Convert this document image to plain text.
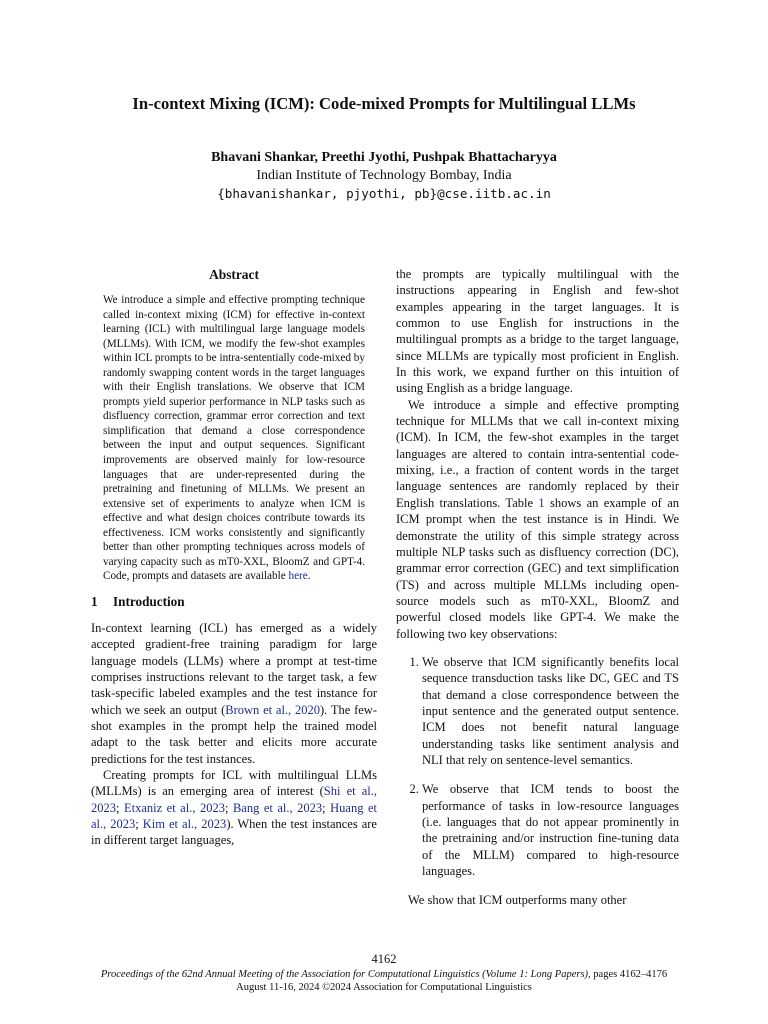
In-context Mixing (ICM): Code-mixed Prompts for Multilingual LLMs
Bhavani Shankar, Preethi Jyothi, Pushpak Bhattacharyya
Indian Institute of Technology Bombay, India
{bhavanishankar, pjyothi, pb}@cse.iitb.ac.in
Abstract
We introduce a simple and effective prompting technique called in-context mixing (ICM) for effective in-context learning (ICL) with multilingual large language models (MLLMs). With ICM, we modify the few-shot examples within ICL prompts to be intra-sententially code-mixed by randomly swapping content words in the target languages with their English translations. We observe that ICM prompts yield superior performance in NLP tasks such as disfluency correction, grammar error correction and text simplification that demand a close correspondence between the input and output sequences. Significant improvements are observed mainly for low-resource languages that are under-represented during the pretraining and finetuning of MLLMs. We present an extensive set of experiments to analyze when ICM is effective and what design choices contribute towards its effectiveness. ICM works consistently and significantly better than other prompting techniques across models of varying capacity such as mT0-XXL, BloomZ and GPT-4. Code, prompts and datasets are available here.
1 Introduction

In-context learning (ICL) has emerged as a widely accepted gradient-free training paradigm for large language models (LLMs) where a prompt at test-time comprises instructions relevant to the target task, a few task-specific labeled examples and the test instance for which we seek an output (Brown et al., 2020). The few-shot examples in the prompt help the trained model adapt to the task better and elicits more accurate predictions for the test instances.

Creating prompts for ICL with multilingual LLMs (MLLMs) is an emerging area of interest (Shi et al., 2023; Etxaniz et al., 2023; Bang et al., 2023; Huang et al., 2023; Kim et al., 2023). When the test instances are in different target languages,

the prompts are typically multilingual with the instructions appearing in English and few-shot examples appearing in the target languages. It is common to use English for instructions in the multilingual prompts as a bridge to the target language, since MLLMs are typically most proficient in English. In this work, we expand further on this intuition of using English as a bridge language.

We introduce a simple and effective prompting technique for MLLMs that we call in-context mixing (ICM). In ICM, the few-shot examples in the target languages are altered to contain intra-sentential code-mixing, i.e., a fraction of content words in the target language sentences are randomly replaced by their English translations. Table 1 shows an example of an ICM prompt when the test instance is in Hindi. We demonstrate the utility of this simple strategy across multiple NLP tasks such as disfluency correction (DC), grammar error correction (GEC) and text simplification (TS) and across multiple MLLMs including open-source models such as mT0-XXL, BloomZ and powerful closed models like GPT-4. We make the following two key observations:

1. We observe that ICM significantly benefits local sequence transduction tasks like DC, GEC and TS that demand a close correspondence between the input sentence and the generated output sentence. ICM does not benefit natural language understanding tasks like sentiment analysis and NLI that rely on sentence-level semantics.
2. We observe that ICM tends to boost the performance of tasks in low-resource languages (i.e. languages that do not appear prominently in the pretraining and/or instruction fine-tuning data of the MLLM) compared to high-resource languages.

We show that ICM outperforms many other

4162
Proceedings of the 62nd Annual Meeting of the Association for Computational Linguistics (Volume 1: Long Papers), pages 4162–4176
August 11-16, 2024 ©2024 Association for Computational Linguistics
